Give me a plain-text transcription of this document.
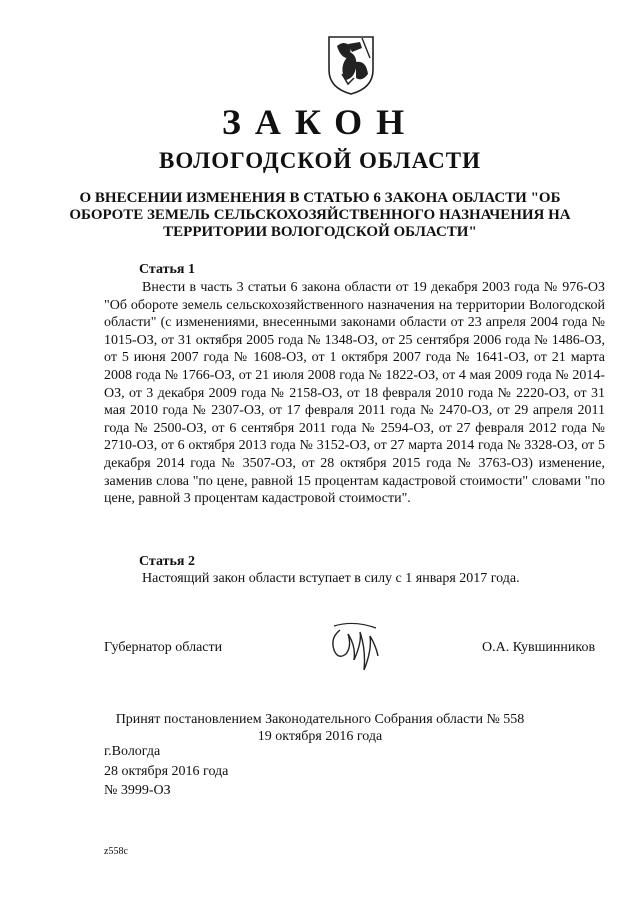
ЗАКОН
ВОЛОГОДСКОЙ ОБЛАСТИ
О ВНЕСЕНИИ ИЗМЕНЕНИЯ В СТАТЬЮ 6 ЗАКОНА ОБЛАСТИ "ОБ ОБОРОТЕ ЗЕМЕЛЬ СЕЛЬСКОХОЗЯЙСТВЕННОГО НАЗНАЧЕНИЯ НА ТЕРРИТОРИИ ВОЛОГОДСКОЙ ОБЛАСТИ"
Статья 1
Внести в часть 3 статьи 6 закона области от 19 декабря 2003 года № 976-ОЗ "Об обороте земель сельскохозяйственного назначения на территории Вологодской области" (с изменениями, внесенными законами области от 23 апреля 2004 года № 1015-ОЗ, от 31 октября 2005 года № 1348-ОЗ, от 25 сентября 2006 года № 1486-ОЗ, от 5 июня 2007 года № 1608-ОЗ, от 1 октября 2007 года № 1641-ОЗ, от 21 марта 2008 года № 1766-ОЗ, от 21 июля 2008 года № 1822-ОЗ, от 4 мая 2009 года № 2014-ОЗ, от 3 декабря 2009 года № 2158-ОЗ, от 18 февраля 2010 года № 2220-ОЗ, от 31 мая 2010 года № 2307-ОЗ, от 17 февраля 2011 года № 2470-ОЗ, от 29 апреля 2011 года № 2500-ОЗ, от 6 сентября 2011 года № 2594-ОЗ, от 27 февраля 2012 года № 2710-ОЗ, от 6 октября 2013 года № 3152-ОЗ, от 27 марта 2014 года № 3328-ОЗ, от 5 декабря 2014 года № 3507-ОЗ, от 28 октября 2015 года № 3763-ОЗ) изменение, заменив слова "по цене, равной 15 процентам кадастровой стоимости" словами "по цене, равной 3 процентам кадастровой стоимости".
Статья 2
Настоящий закон области вступает в силу с 1 января 2017 года.
Губернатор области	О.А. Кувшинников
Принят постановлением Законодательного Собрания области № 558
19 октября 2016 года
г.Вологда
28 октября 2016 года
№ 3999-ОЗ
z558c
